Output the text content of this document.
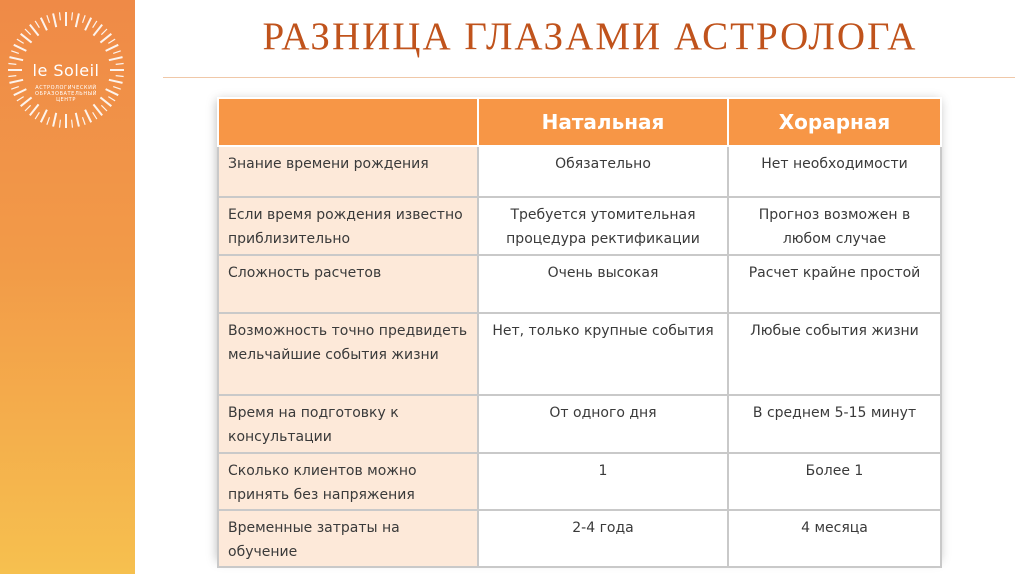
le Soleil
АСТРОЛОГИЧЕСКИЙ ОБРАЗОВАТЕЛЬНЫЙ ЦЕНТР
РАЗНИЦА ГЛАЗАМИ АСТРОЛОГА
	Натальная	Хорарная
Знание времени рождения	Обязательно	Нет необходимости
Если время рождения известно приблизительно	Требуется утомительная процедура ректификации	Прогноз возможен в любом случае
Сложность расчетов	Очень высокая	Расчет крайне простой
Возможность точно предвидеть мельчайшие события жизни	Нет, только крупные события	Любые события жизни
Время на подготовку к консультации	От одного дня	В среднем 5-15 минут
Сколько клиентов можно принять без напряжения	1	Более 1
Временные затраты на обучение	2-4 года	4 месяца
